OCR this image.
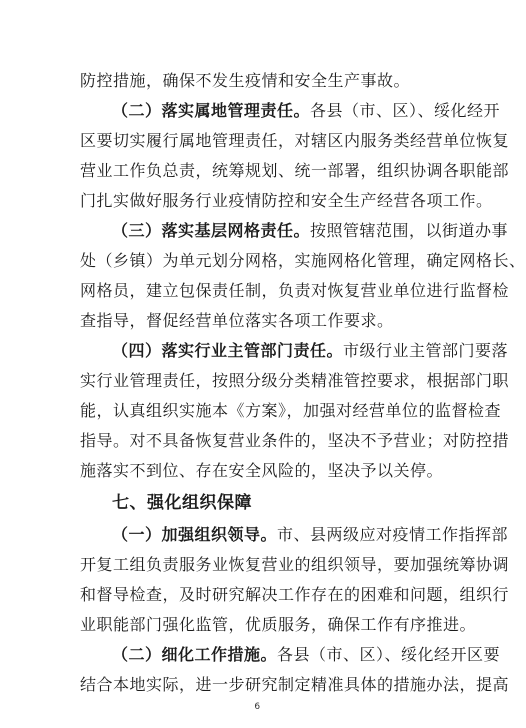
防控措施，确保不发生疫情和安全生产事故。
（二）落实属地管理责任。各县（市、区）、绥化经开
区要切实履行属地管理责任，对辖区内服务类经营单位恢复
营业工作负总责，统筹规划、统一部署，组织协调各职能部
门扎实做好服务行业疫情防控和安全生产经营各项工作。
（三）落实基层网格责任。按照管辖范围，以街道办事
处（乡镇）为单元划分网格，实施网格化管理，确定网格长、
网格员，建立包保责任制，负责对恢复营业单位进行监督检
查指导，督促经营单位落实各项工作要求。
（四）落实行业主管部门责任。市级行业主管部门要落
实行业管理责任，按照分级分类精准管控要求，根据部门职
能，认真组织实施本《方案》，加强对经营单位的监督检查
指导。对不具备恢复营业条件的，坚决不予营业；对防控措
施落实不到位、存在安全风险的，坚决予以关停。
七、强化组织保障
（一）加强组织领导。市、县两级应对疫情工作指挥部
开复工组负责服务业恢复营业的组织领导，要加强统筹协调
和督导检查，及时研究解决工作存在的困难和问题，组织行
业职能部门强化监管，优质服务，确保工作有序推进。
（二）细化工作措施。各县（市、区）、绥化经开区要
结合本地实际，进一步研究制定精准具体的措施办法，提高
6
